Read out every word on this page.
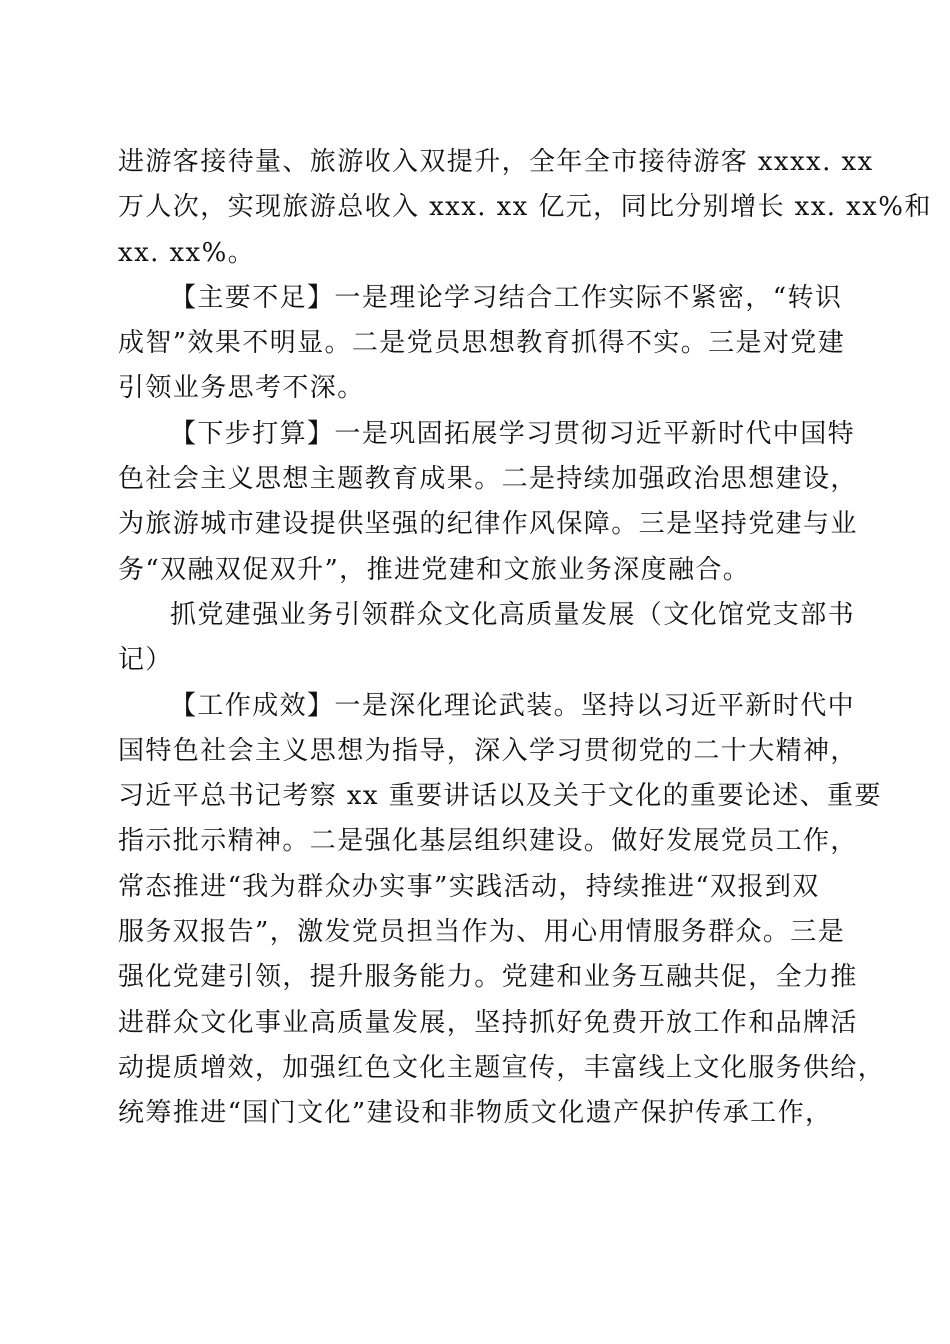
进游客接待量、旅游收入双提升，全年全市接待游客 xxxx. xx
万人次，实现旅游总收入 xxx. xx 亿元，同比分别增长 xx. xx%和
xx. xx%。
【主要不足】一是理论学习结合工作实际不紧密，“转识
成智”效果不明显。二是党员思想教育抓得不实。三是对党建
引领业务思考不深。
【下步打算】一是巩固拓展学习贯彻习近平新时代中国特
色社会主义思想主题教育成果。二是持续加强政治思想建设，
为旅游城市建设提供坚强的纪律作风保障。三是坚持党建与业
务“双融双促双升”，推进党建和文旅业务深度融合。
抓党建强业务引领群众文化高质量发展（文化馆党支部书
记）
【工作成效】一是深化理论武装。坚持以习近平新时代中
国特色社会主义思想为指导，深入学习贯彻党的二十大精神，
习近平总书记考察 xx 重要讲话以及关于文化的重要论述、重要
指示批示精神。二是强化基层组织建设。做好发展党员工作，
常态推进“我为群众办实事”实践活动，持续推进“双报到双
服务双报告”，激发党员担当作为、用心用情服务群众。三是
强化党建引领，提升服务能力。党建和业务互融共促，全力推
进群众文化事业高质量发展，坚持抓好免费开放工作和品牌活
动提质增效，加强红色文化主题宣传，丰富线上文化服务供给，
统筹推进“国门文化”建设和非物质文化遗产保护传承工作，
